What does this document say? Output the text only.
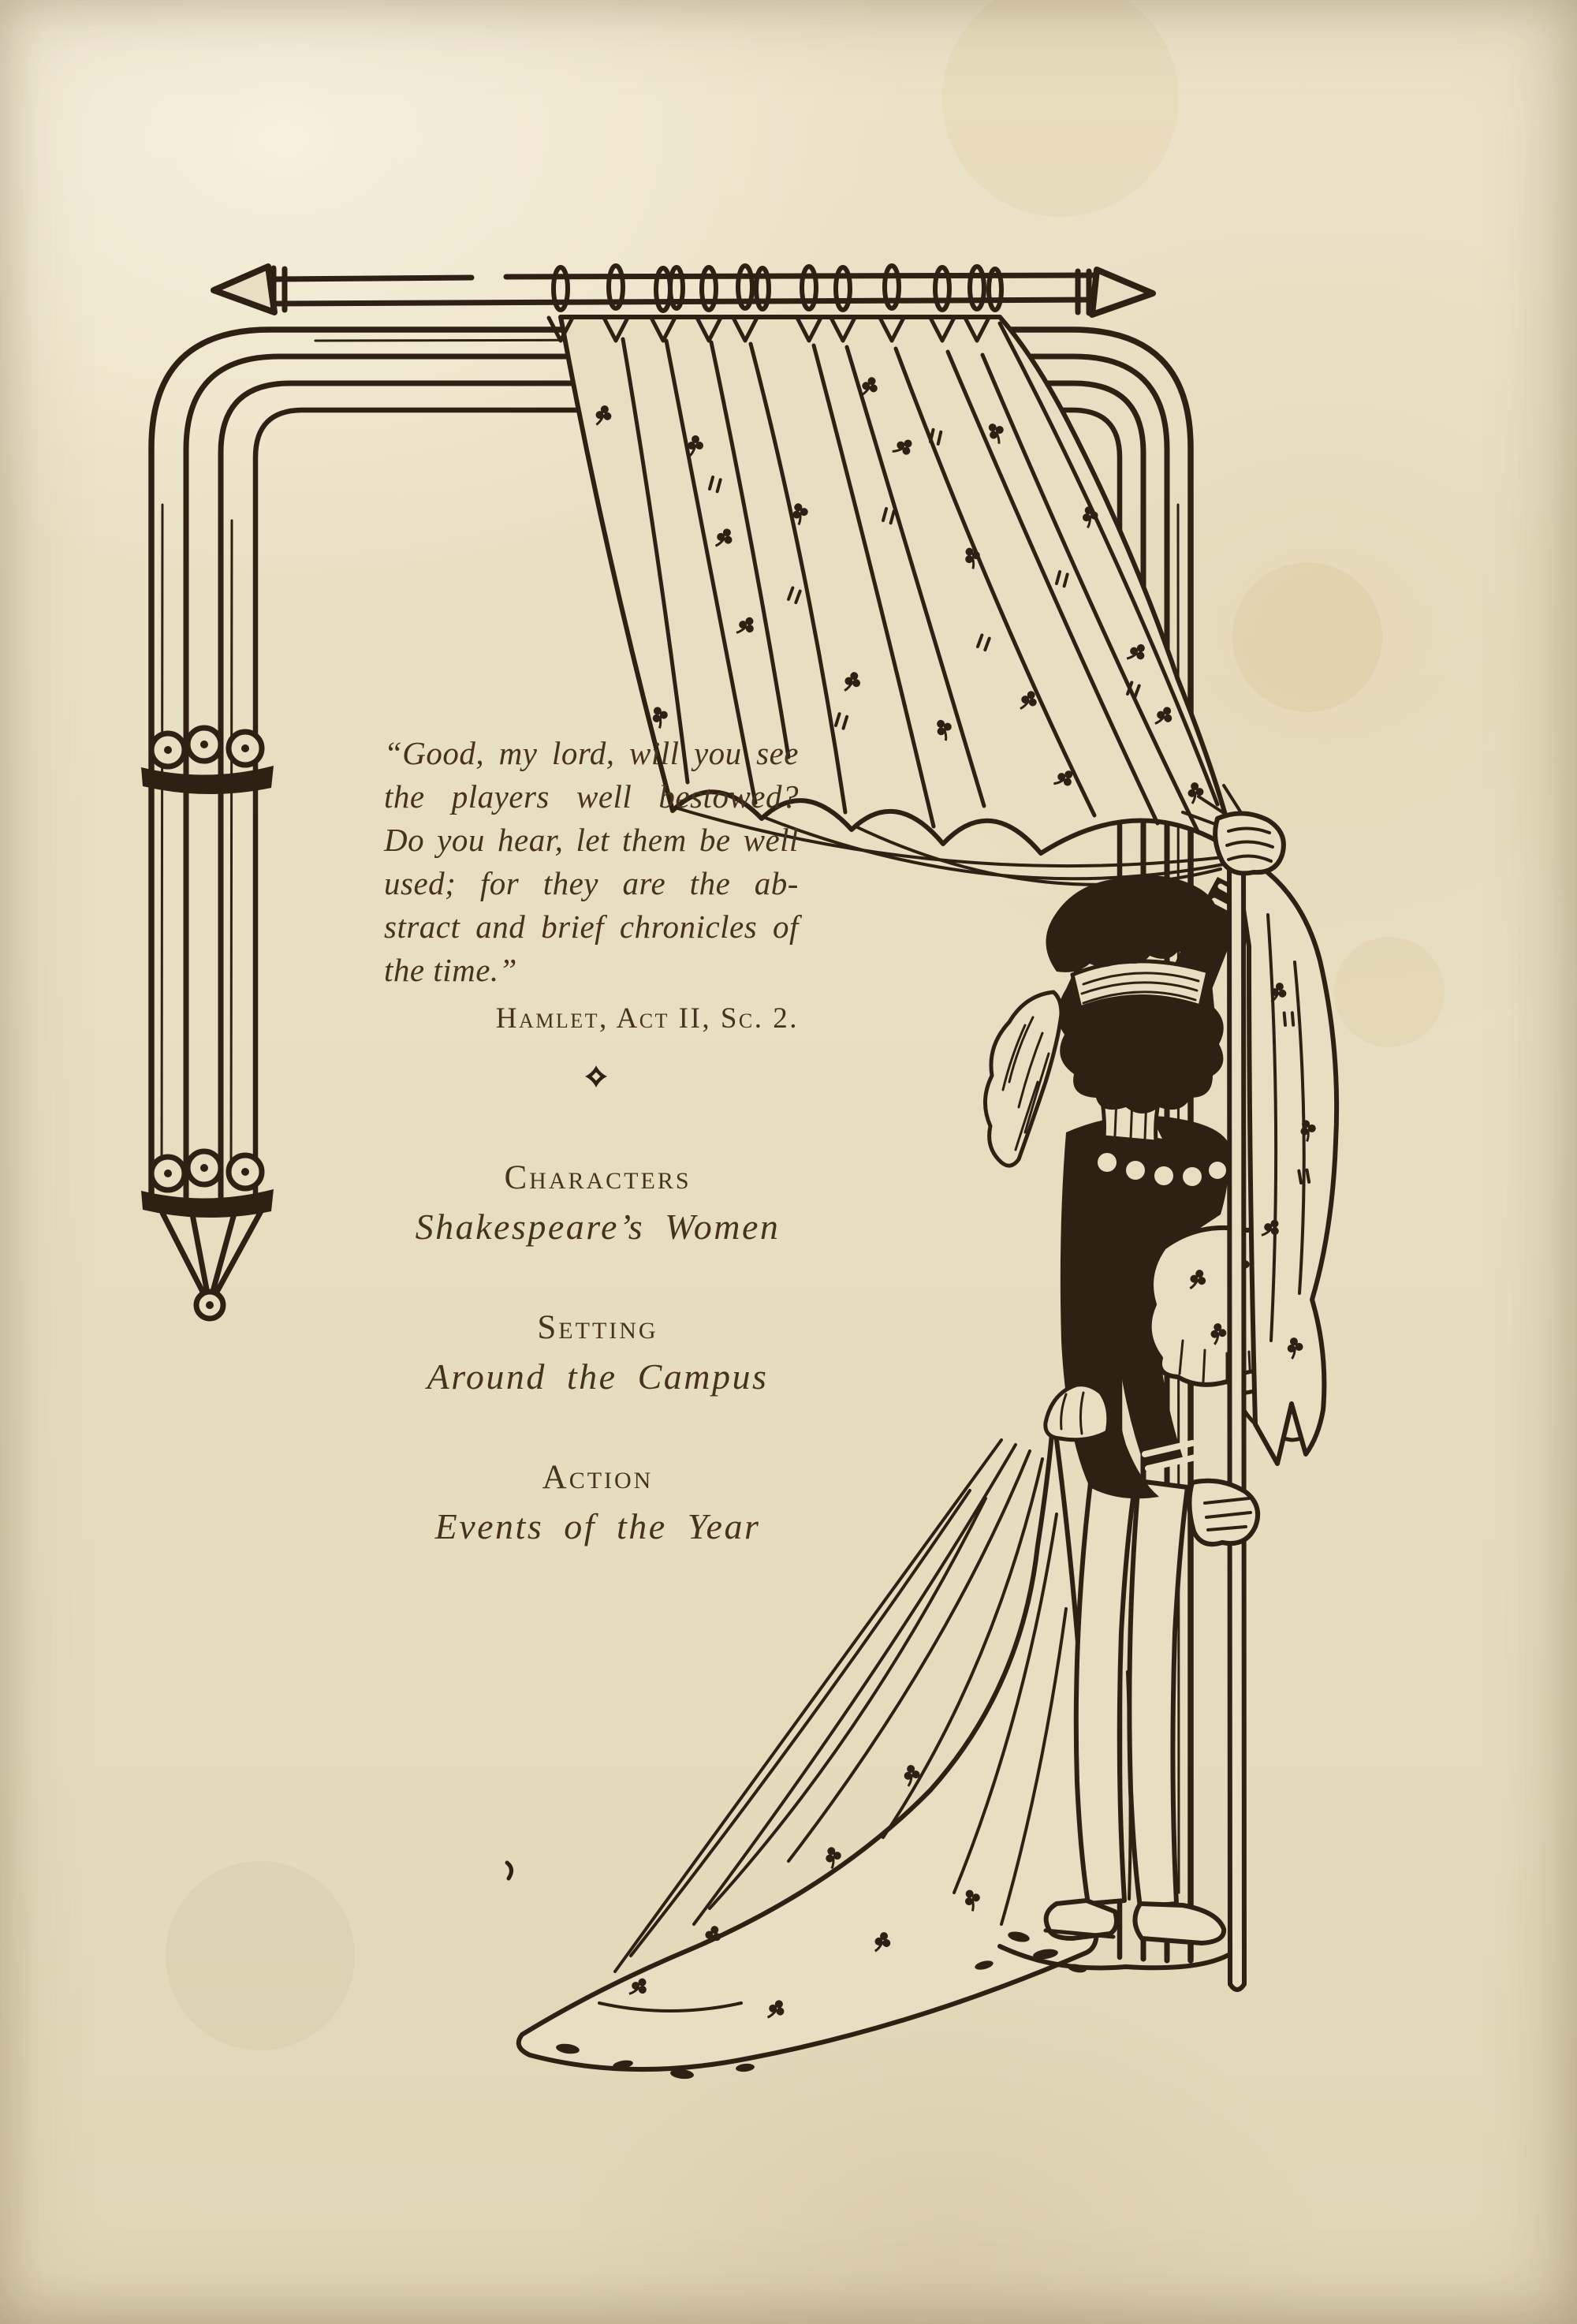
“Good, my lord, will you see
the players well bestowed?
Do you hear, let them be well
used; for they are the ab-
stract and brief chronicles of
the time.”
Hamlet, Act II, Sc. 2.
Characters
Shakespeare’s Women
Setting
Around the Campus
Action
Events of the Year
